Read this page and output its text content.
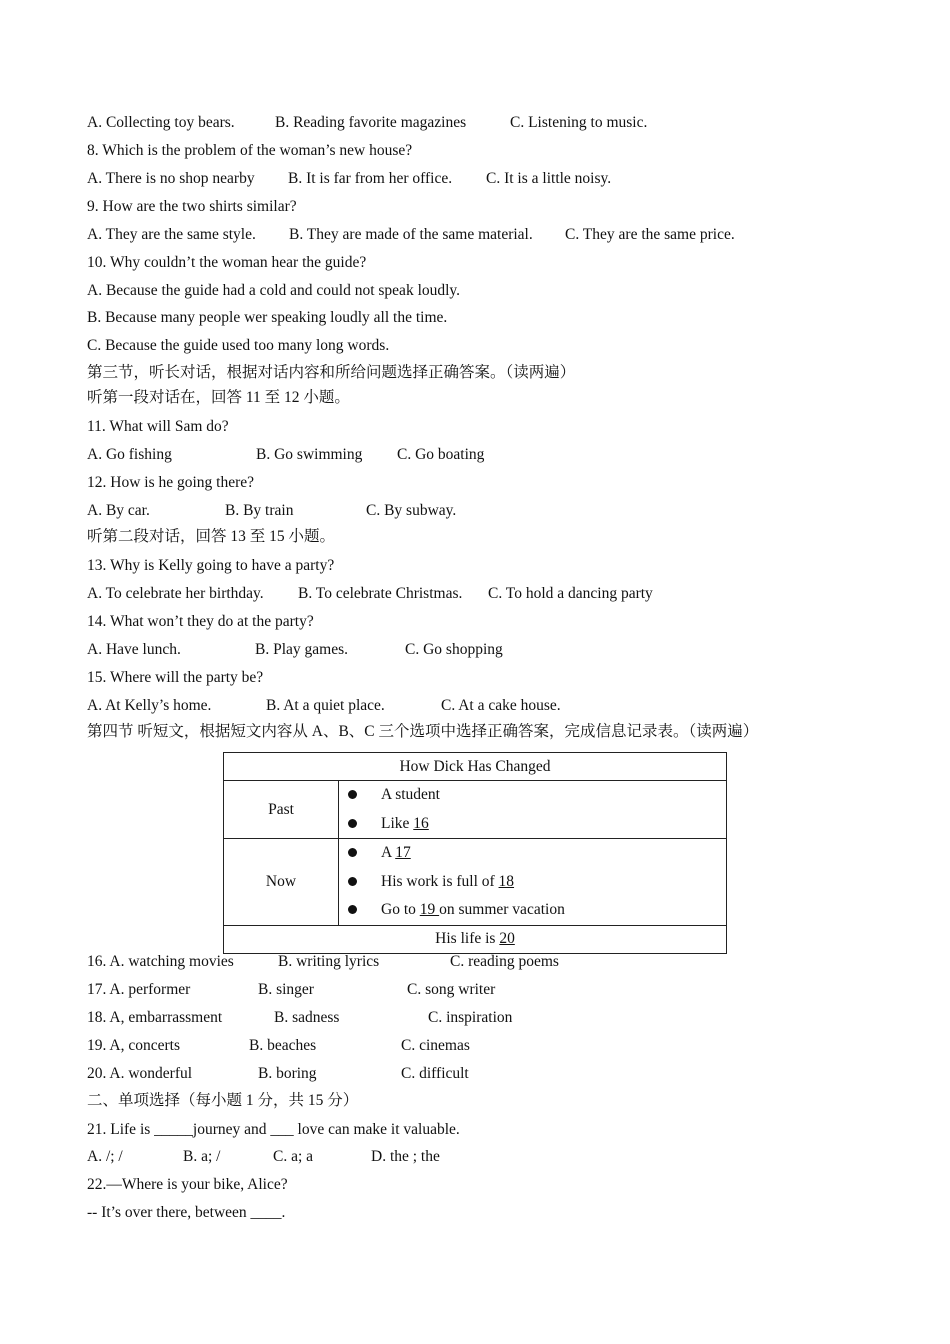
A. Collecting toy bears.	B. Reading favorite magazines	C. Listening to music.
8. Which is the problem of the woman’s new house?
A. There is no shop nearby B. It is far from her office. C. It is a little noisy.
9. How are the two shirts similar?
A. They are the same style. B. They are made of the same material. C. They are the same price.
10. Why couldn’t the woman hear the guide?
A. Because the guide had a cold and could not speak loudly.
B. Because many people wer speaking loudly all the time.
C. Because the guide used too many long words.
第三节，听长对话，根据对话内容和所给问题选择正确答案。（读两遍）
听第一段对话在，回答 11 至 12 小题。
11. What will Sam do?
A. Go fishing	B. Go swimming C. Go boating
12. How is he going there?
A. By car.	B. By train	C. By subway.
听第二段对话，回答 13 至 15 小题。
13. Why is Kelly going to have a party?
A. To celebrate her birthday. B. To celebrate Christmas. C. To hold a dancing party
14. What won’t they do at the party?
A. Have lunch.	B. Play games.	C. Go shopping
15. Where will the party be?
A. At Kelly’s home.	B. At a quiet place.	C. At a cake house.
第四节 听短文，根据短文内容从 A、B、C 三个选项中选择正确答案，完成信息记录表。（读两遍）
How Dick Has Changed	
Past	A student
Like 16

Now	A 17
His work is full of 18
Go to 19 on summer vacation

His life is 20	
16. A. watching movies	B. writing lyrics	C. reading poems
17. A. performer	B. singer	C. song writer
18. A, embarrassment	B. sadness	C. inspiration
19. A, concerts	B. beaches	C. cinemas
20. A. wonderful	B. boring	C. difficult
二、单项选择（每小题 1 分，共 15 分）
21. Life is _____journey and ___ love can make it valuable.
A. /; /	B. a; /	C. a; a	D. the ; the
22.—Where is your bike, Alice?
-- It’s over there, between ____.
